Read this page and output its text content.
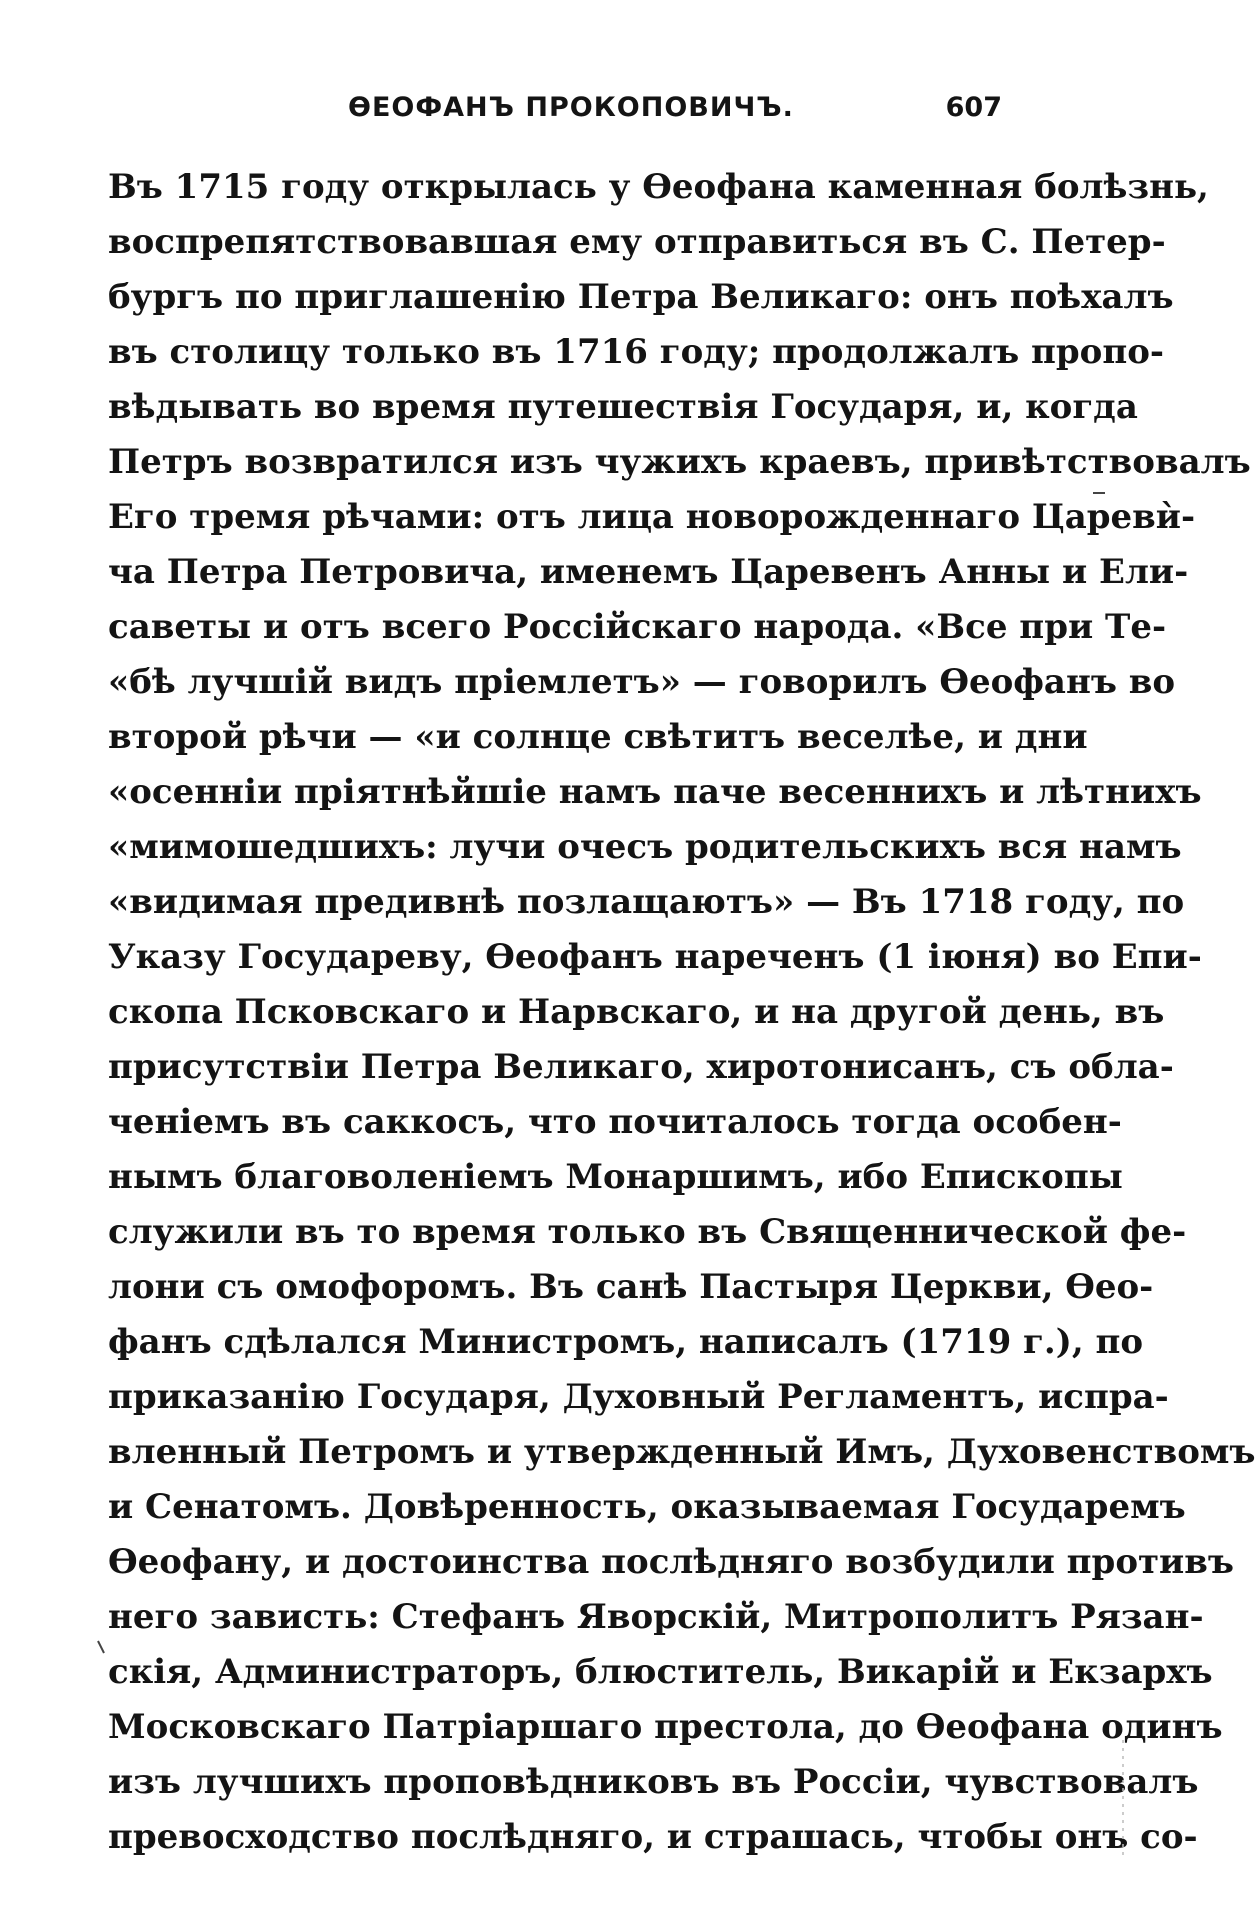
ѲЕОФАНЪ ПРОКОПОВИЧЪ.	607
Въ 1715 году открылась у Ѳеофана каменная болѣзнь,
воспрепятствовавшая ему отправиться въ С. Петер-
бургъ по приглашенію Петра Великаго: онъ поѣхалъ
въ столицу только въ 1716 году; продолжалъ пропо-
вѣдывать во время путешествія Государя, и, когда
Петръ возвратился изъ чужихъ краевъ, привѣтствовалъ
Его тремя рѣчами: отъ лица новорожденнаго Царевѝ-
ча Петра Петровича, именемъ Царевенъ Анны и Ели-
саветы и отъ всего Россійскаго народа. «Все при Те-
«бѣ лучшій видъ пріемлетъ» — говорилъ Ѳеофанъ во
второй рѣчи — «и солнце свѣтитъ веселѣе, и дни
«осенніи пріятнѣйшіе намъ паче весеннихъ и лѣтнихъ
«мимошедшихъ: лучи очесъ родительскихъ вся намъ
«видимая предивнѣ позлащаютъ» — Въ 1718 году, по
Указу Государеву, Ѳеофанъ нареченъ (1 іюня) во Епи-
скопа Псковскаго и Нарвскаго, и на другой день, въ
присутствіи Петра Великаго, хиротонисанъ, съ обла-
ченіемъ въ саккосъ, что почиталось тогда особен-
нымъ благоволеніемъ Монаршимъ, ибо Епископы
служили въ то время только въ Священнической фе-
лони съ омофоромъ. Въ санѣ Пастыря Церкви, Ѳео-
фанъ сдѣлался Министромъ, написалъ (1719 г.), по
приказанію Государя, Духовный Регламентъ, испра-
вленный Петромъ и утвержденный Имъ, Духовенствомъ
и Сенатомъ. Довѣренность, оказываемая Государемъ
Ѳеофану, и достоинства послѣдняго возбудили противъ
него зависть: Стефанъ Яворскій, Митрополитъ Рязан-
скія, Администраторъ, блюститель, Викарій и Екзархъ
Московскаго Патріаршаго престола, до Ѳеофана одинъ
изъ лучшихъ проповѣдниковъ въ Россіи, чувствовалъ
превосходство послѣдняго, и страшась, чтобы онъ со-
